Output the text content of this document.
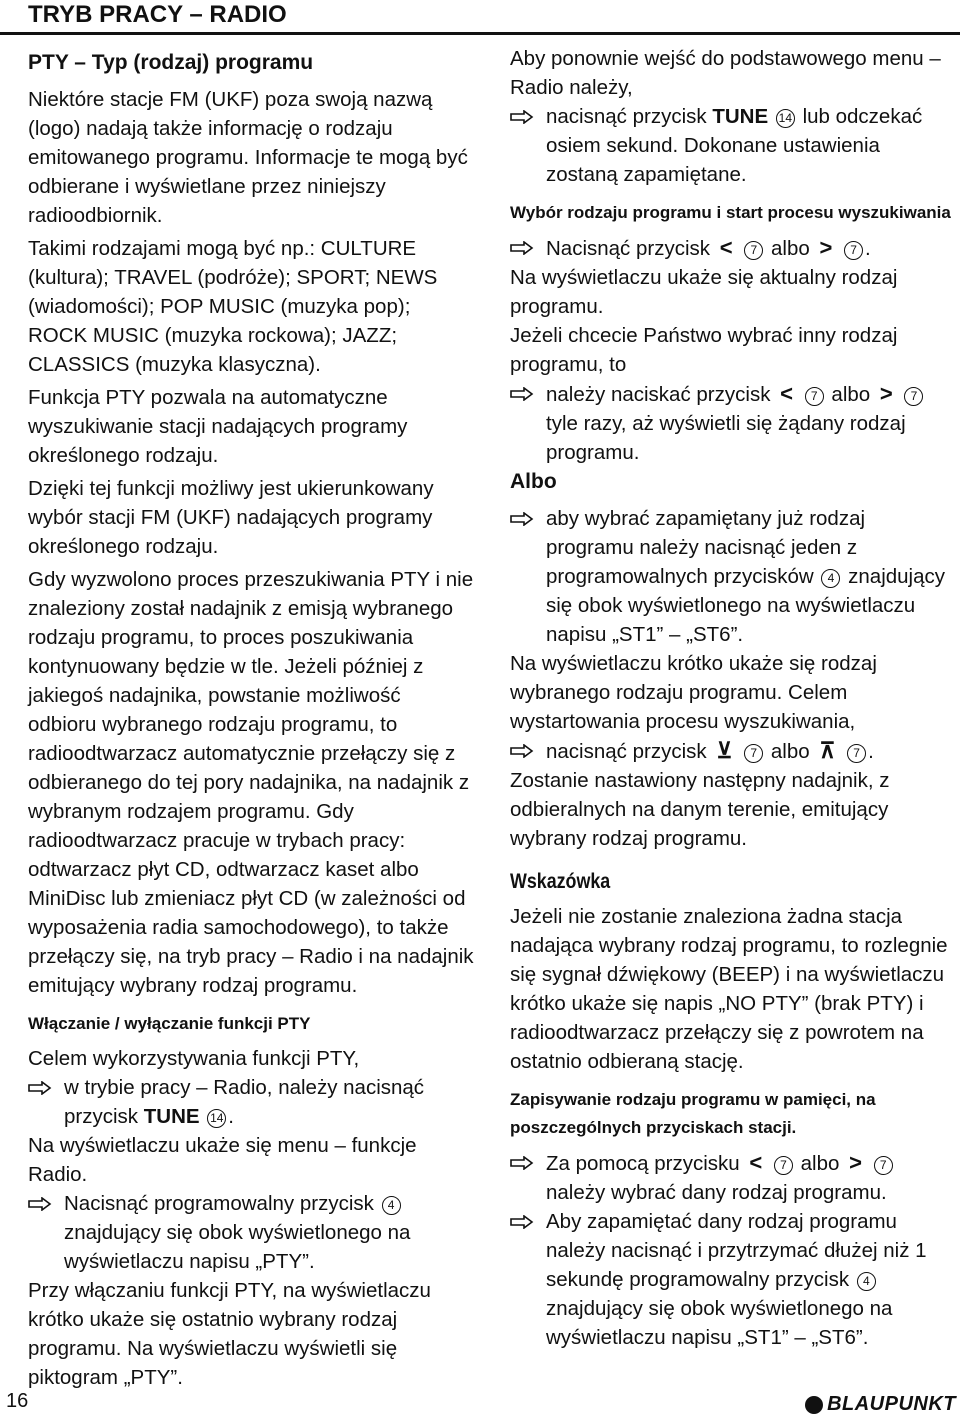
TRYB PRACY – RADIO
PTY – Typ (rodzaj) programu

Niektóre stacje FM (UKF) poza swoją nazwą (logo) nadają także informację o rodzaju emitowanego programu. Informacje te mogą być odbierane i wyświetlane przez niniejszy radioodbiornik.

Takimi rodzajami mogą być np.: CULTURE (kultura); TRAVEL (podróże); SPORT; NEWS (wiadomości); POP MUSIC (muzyka pop); ROCK MUSIC (muzyka rockowa); JAZZ; CLASSICS (muzyka klasyczna).

Funkcja PTY pozwala na automatyczne wyszukiwanie stacji nadających programy określonego rodzaju.

Dzięki tej funkcji możliwy jest ukierunkowany wybór stacji FM (UKF) nadających programy określonego rodzaju.

Gdy wyzwolono proces przeszukiwania PTY i nie znaleziony został nadajnik z emisją wybranego rodzaju programu, to proces poszukiwania kontynuowany będzie w tle. Jeżeli później z jakiegoś nadajnika, powstanie możliwość odbioru wybranego rodzaju programu, to radioodtwarzacz automatycznie przełączy się z odbieranego do tej pory nadajnika, na nadajnik z wybranym rodzajem programu. Gdy radioodtwarzacz pracuje w trybach pracy: odtwarzacz płyt CD, odtwarzacz kaset albo MiniDisc lub zmieniacz płyt CD (w zależności od wyposażenia radia samochodowego), to także przełączy się, na tryb pracy – Radio i na nadajnik emitujący wybrany rodzaj programu.

Włączanie / wyłączanie funkcji PTY

Celem wykorzystywania funkcji PTY,

w trybie pracy – Radio, należy nacisnąć przycisk TUNE 14 .

Na wyświetlaczu ukaże się menu – funkcje Radio.

Nacisnąć programowalny przycisk 4 znajdujący się obok wyświetlonego na wyświetlaczu napisu „PTY”.

Przy włączaniu funkcji PTY, na wyświetlaczu krótko ukaże się ostatnio wybrany rodzaj programu. Na wyświetlaczu wyświetli się piktogram „PTY”.

Aby ponownie wejść do podstawowego menu – Radio należy,

nacisnąć przycisk TUNE 14 lub odczekać osiem sekund. Dokonane ustawienia zostaną zapamiętane.
Wybór rodzaju programu i start procesu wyszukiwania
Nacisnąć przycisk < 7 albo > 7 .

Na wyświetlaczu ukaże się aktualny rodzaj programu.

Jeżeli chcecie Państwo wybrać inny rodzaj programu, to

należy naciskać przycisk < 7 albo > 7 tyle razy, aż wyświetli się żądany rodzaj programu.
Albo
aby wybrać zapamiętany już rodzaj programu należy nacisnąć jeden z programowalnych przycisków 4 znajdujący się obok wyświetlonego na wyświetlaczu napisu „ST1” – „ST6”.

Na wyświetlaczu krótko ukaże się rodzaj wybranego rodzaju programu. Celem wystartowania procesu wyszukiwania,

nacisnąć przycisk ⊻ 7 albo ⊼ 7 .

Zostanie nastawiony następny nadajnik, z odbieralnych na danym terenie, emitujący wybrany rodzaj programu.

Wskazówka

Jeżeli nie zostanie znaleziona żadna stacja nadająca wybrany rodzaj programu, to rozlegnie się sygnał dźwiękowy (BEEP) i na wyświetlaczu krótko ukaże się napis „NO PTY” (brak PTY) i radioodtwarzacz przełączy się z powrotem na ostatnio odbieraną stację.

Zapisywanie rodzaju programu w pamięci, na poszczególnych przyciskach stacji.
Za pomocą przycisku < 7 albo > 7 należy wybrać dany rodzaj programu.
Aby zapamiętać dany rodzaj programu należy nacisnąć i przytrzymać dłużej niż 1 sekundę programowalny przycisk 4 znajdujący się obok wyświetlonego na wyświetlaczu napisu „ST1” – „ST6”.
16	BLAUPUNKT
